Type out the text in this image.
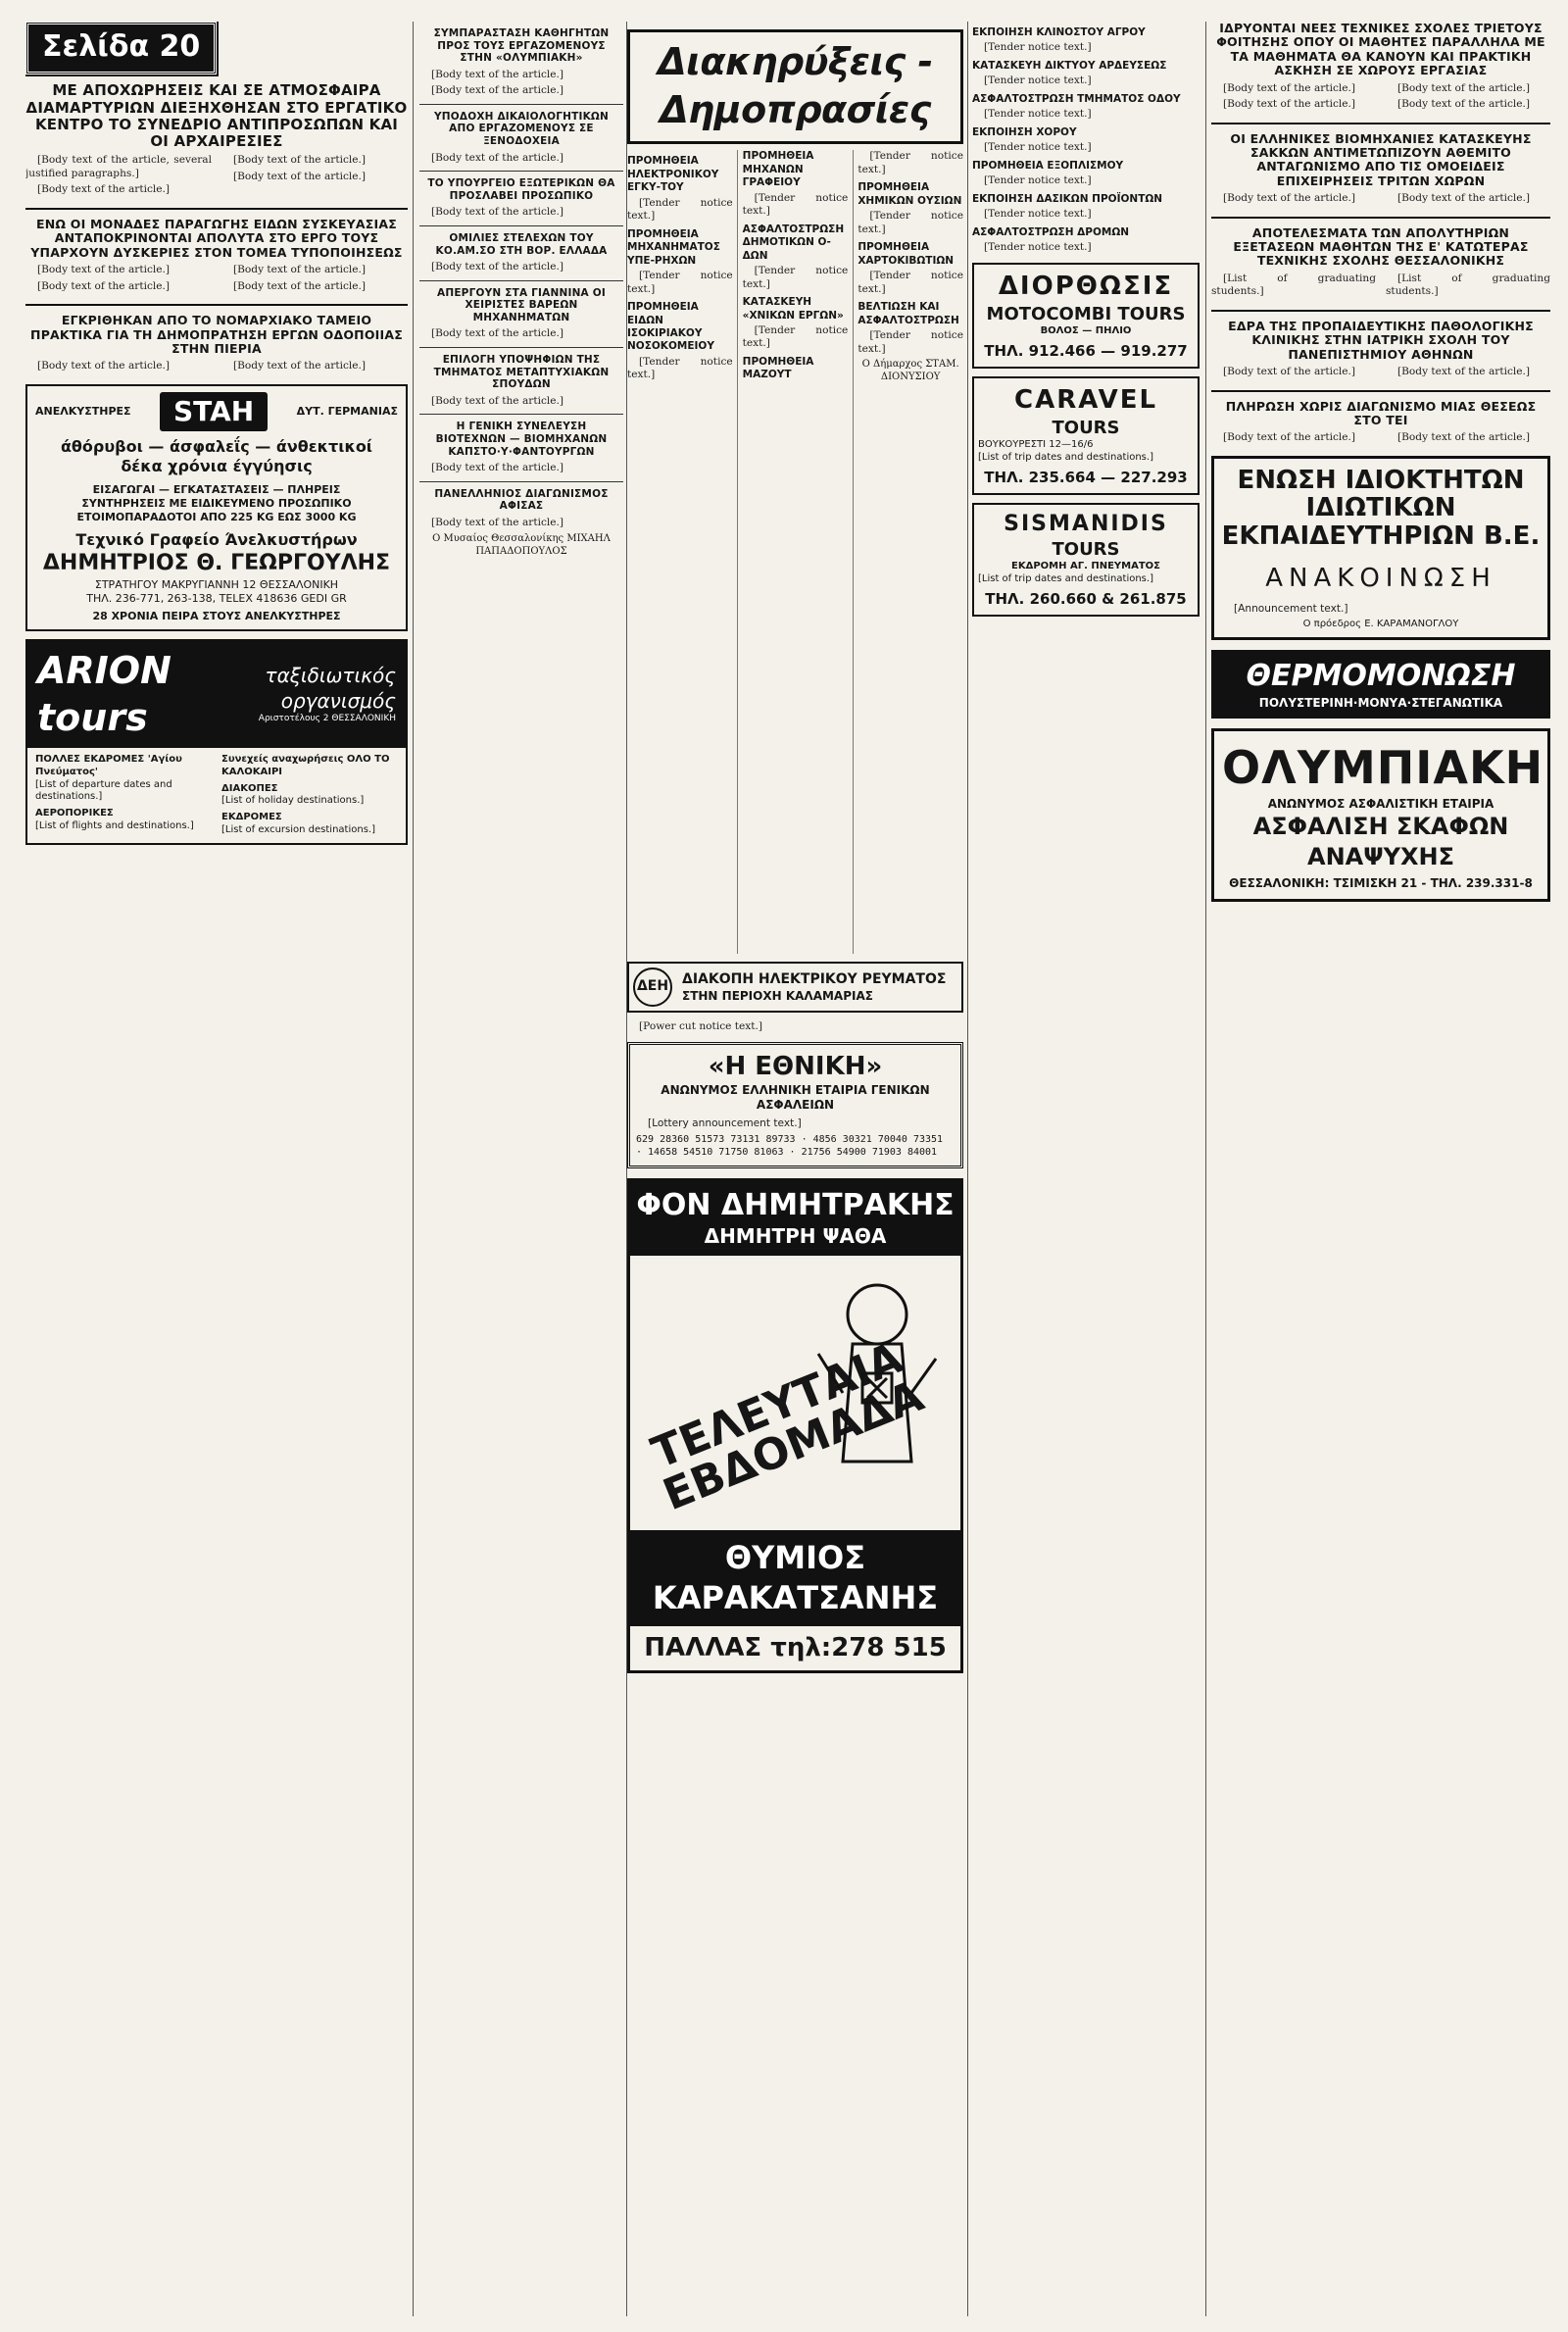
Σελίδα 20
ΜΕ ΑΠΟΧΩΡΗΣΕΙΣ ΚΑΙ ΣΕ ΑΤΜΟΣΦΑΙΡΑ ΔΙΑΜΑΡΤΥΡΙΩΝ ΔΙΕΞΗΧΘΗΣΑΝ ΣΤΟ ΕΡΓΑΤΙΚΟ ΚΕΝΤΡΟ ΤΟ ΣΥΝΕΔΡΙΟ ΑΝΤΙΠΡΟΣΩΠΩΝ ΚΑΙ ΟΙ ΑΡΧΑΙΡΕΣΙΕΣ

[Body text of the article, several justified paragraphs.]

[Body text of the article.]

[Body text of the article.]

[Body text of the article.]

ΕΝΩ ΟΙ ΜΟΝΑΔΕΣ ΠΑΡΑΓΩΓΗΣ ΕΙΔΩΝ ΣΥΣΚΕΥΑΣΙΑΣ ΑΝΤΑΠΟΚΡΙΝΟΝΤΑΙ ΑΠΟΛΥΤΑ ΣΤΟ ΕΡΓΟ ΤΟΥΣ ΥΠΑΡΧΟΥΝ ΔΥΣΚΕΡΙΕΣ ΣΤΟΝ ΤΟΜΕΑ ΤΥΠΟΠΟΙΗΣΕΩΣ

[Body text of the article.]

[Body text of the article.]

[Body text of the article.]

[Body text of the article.]

ΕΓΚΡΙΘΗΚΑΝ ΑΠΟ ΤΟ ΝΟΜΑΡΧΙΑΚΟ ΤΑΜΕΙΟ ΠΡΑΚΤΙΚΑ ΓΙΑ ΤΗ ΔΗΜΟΠΡΑΤΗΣΗ ΕΡΓΩΝ ΟΔΟΠΟΙΙΑΣ ΣΤΗΝ ΠΙΕΡΙΑ

[Body text of the article.]	[Body text of the article.]

ΑΝΕΛΚΥΣΤΗΡΕΣ	STAH	ΔΥΤ. ΓΕΡΜΑΝΙΑΣ
άθόρυβοι — άσφαλεΐς — άνθεκτικοί
δέκα χρόνια έγγύησις
ΕΙΣΑΓΩΓΑΙ — ΕΓΚΑΤΑΣΤΑΣΕΙΣ — ΠΛΗΡΕΙΣ
ΣΥΝΤΗΡΗΣΕΙΣ ΜΕ ΕΙΔΙΚΕΥΜΕΝΟ ΠΡΟΣΩΠΙΚΟ
ΕΤΟΙΜΟΠΑΡΑΔΟΤΟΙ ΑΠΟ 225 KG ΕΩΣ 3000 KG
Τεχνικό Γραφείο Άνελκυστήρων
ΔΗΜΗΤΡΙΟΣ Θ. ΓΕΩΡΓΟΥΛΗΣ
ΣΤΡΑΤΗΓΟΥ ΜΑΚΡΥΓΙΑΝΝΗ 12 ΘΕΣΣΑΛΟΝΙΚΗ
ΤΗΛ. 236-771, 263-138, TELEX 418636 GEDI GR
28 ΧΡΟΝΙΑ ΠΕΙΡΑ ΣΤΟΥΣ ΑΝΕΛΚΥΣΤΗΡΕΣ
ARION tours
ταξιδιωτικός οργανισμός
Αριστοτέλους 2 ΘΕΣΣΑΛΟΝΙΚΗ
ΠΟΛΛΕΣ ΕΚΔΡΟΜΕΣ 'Αγίου Πνεύματος'
[List of departure dates and destinations.]
ΑΕΡΟΠΟΡΙΚΕΣ
[List of flights and destinations.]
Συνεχείς αναχωρήσεις ΟΛΟ ΤΟ ΚΑΛΟΚΑΙΡΙ
ΔΙΑΚΟΠΕΣ
[List of holiday destinations.]
ΕΚΔΡΟΜΕΣ
[List of excursion destinations.]
ΣΥΜΠΑΡΑΣΤΑΣΗ ΚΑΘΗΓΗΤΩΝ ΠΡΟΣ ΤΟΥΣ ΕΡΓΑΖΟΜΕΝΟΥΣ ΣΤΗΝ «ΟΛΥΜΠΙΑΚΗ»

[Body text of the article.]

[Body text of the article.]

ΥΠΟΔΟΧΗ ΔΙΚΑΙΟΛΟΓΗΤΙΚΩΝ ΑΠΟ ΕΡΓΑΖΟΜΕΝΟΥΣ ΣΕ ΞΕΝΟΔΟΧΕΙΑ

[Body text of the article.]

ΤΟ ΥΠΟΥΡΓΕΙΟ ΕΞΩΤΕΡΙΚΩΝ ΘΑ ΠΡΟΣΛΑΒΕΙ ΠΡΟΣΩΠΙΚΟ

[Body text of the article.]

ΟΜΙΛΙΕΣ ΣΤΕΛΕΧΩΝ ΤΟΥ ΚΟ.ΑΜ.ΣΟ ΣΤΗ ΒΟΡ. ΕΛΛΑΔΑ

[Body text of the article.]

ΑΠΕΡΓΟΥΝ ΣΤΑ ΓΙΑΝΝΙΝΑ ΟΙ ΧΕΙΡΙΣΤΕΣ ΒΑΡΕΩΝ ΜΗΧΑΝΗΜΑΤΩΝ

[Body text of the article.]

ΕΠΙΛΟΓΗ ΥΠΟΨΗΦΙΩΝ ΤΗΣ ΤΜΗΜΑΤΟΣ ΜΕΤΑΠΤΥΧΙΑΚΩΝ ΣΠΟΥΔΩΝ

[Body text of the article.]

Η ΓΕΝΙΚΗ ΣΥΝΕΛΕΥΣΗ ΒΙΟΤΕΧΝΩΝ — ΒΙΟΜΗΧΑΝΩΝ ΚΑΠΣΤΟ·Υ·ΦΑΝΤΟΥΡΓΩΝ

[Body text of the article.]

ΠΑΝΕΛΛΗΝΙΟΣ ΔΙΑΓΩΝΙΣΜΟΣ ΑΦΙΣΑΣ

[Body text of the article.]

Ο Μυσαίος Θεσσαλονίκης ΜΙΧΑΗΛ ΠΑΠΑΔΟΠΟΥΛΟΣ
Διακηρύξεις - Δημοπρασίες
ΠΡΟΜΗΘΕΙΑ ΗΛΕΚΤΡΟΝΙΚΟΥ ΕΓΚΥ-ΤΟΥ

[Tender notice text.]

ΠΡΟΜΗΘΕΙΑ ΜΗΧΑΝΗΜΑΤΟΣ ΥΠΕ-ΡΗΧΩΝ

[Tender notice text.]

ΠΡΟΜΗΘΕΙΑ ΕΙΔΩΝ ΙΣΟΚΙΡΙΑΚΟΥ ΝΟΣΟΚΟΜΕΙΟΥ

[Tender notice text.]

ΠΡΟΜΗΘΕΙΑ ΜΗΧΑΝΩΝ ΓΡΑΦΕΙΟΥ

[Tender notice text.]

ΑΣΦΑΛΤΟΣΤΡΩΣΗ ΔΗΜΟΤΙΚΩΝ Ο-ΔΩΝ

[Tender notice text.]

ΚΑΤΑΣΚΕΥΗ «ΧΝΙΚΩΝ ΕΡΓΩΝ»

[Tender notice text.]

ΠΡΟΜΗΘΕΙΑ ΜΑΖΟΥΤ

[Tender notice text.]

ΠΡΟΜΗΘΕΙΑ ΧΗΜΙΚΩΝ ΟΥΣΙΩΝ

[Tender notice text.]

ΠΡΟΜΗΘΕΙΑ ΧΑΡΤΟΚΙΒΩΤΙΩΝ

[Tender notice text.]

ΒΕΛΤΙΩΣΗ ΚΑΙ ΑΣΦΑΛΤΟΣΤΡΩΣΗ

[Tender notice text.]

Ο Δήμαρχος ΣΤΑΜ. ΔΙΟΝΥΣΙΟΥ
ΔΕΗ ΔΙΑΚΟΠΗ ΗΛΕΚΤΡΙΚΟΥ ΡΕΥΜΑΤΟΣ
ΣΤΗΝ ΠΕΡΙΟΧΗ ΚΑΛΑΜΑΡΙΑΣ

[Power cut notice text.]

«Η ΕΘΝΙΚΗ»
ΑΝΩΝΥΜΟΣ ΕΛΛΗΝΙΚΗ ΕΤΑΙΡΙΑ ΓΕΝΙΚΩΝ ΑΣΦΑΛΕΙΩΝ

[Lottery announcement text.]

629 28360 51573 73131 89733 · 4856 30321 70040 73351 · 14658 54510 71750 81063 · 21756 54900 71903 84001
ΦΟΝ ΔΗΜΗΤΡΑΚΗΣ
ΔΗΜΗΤΡΗ ΨΑΘΑ
ΤΕΛΕΥΤΑΙΑ ΕΒΔΟΜΑΔΑ
ΘΥΜΙΟΣ ΚΑΡΑΚΑΤΣΑΝΗΣ
ΠΑΛΛΑΣ τηλ:278 515
ΕΚΠΟΙΗΣΗ ΚΛΙΝΟΣΤΟΥ ΑΓΡΟΥ

[Tender notice text.]

ΚΑΤΑΣΚΕΥΗ ΔΙΚΤΥΟΥ ΑΡΔΕΥΣΕΩΣ

[Tender notice text.]

ΑΣΦΑΛΤΟΣΤΡΩΣΗ ΤΜΗΜΑΤΟΣ ΟΔΟΥ

[Tender notice text.]

ΕΚΠΟΙΗΣΗ ΧΟΡΟΥ

[Tender notice text.]

ΠΡΟΜΗΘΕΙΑ ΕΞΟΠΛΙΣΜΟΥ

[Tender notice text.]

ΕΚΠΟΙΗΣΗ ΔΑΣΙΚΩΝ ΠΡΟΪΟΝΤΩΝ

[Tender notice text.]

ΑΣΦΑΛΤΟΣΤΡΩΣΗ ΔΡΟΜΩΝ

[Tender notice text.]

ΔΙΟΡΘΩΣΙΣ
MOTOCOMBI TOURS
ΒΟΛΟΣ — ΠΗΛΙΟ
ΤΗΛ. 912.466 — 919.277
CARAVEL
TOURS
ΒΟΥΚΟΥΡΕΣΤΙ 12—16/6
[List of trip dates and destinations.]
ΤΗΛ. 235.664 — 227.293
SISMANIDIS
TOURS
ΕΚΔΡΟΜΗ ΑΓ. ΠΝΕΥΜΑΤΟΣ
[List of trip dates and destinations.]
ΤΗΛ. 260.660 & 261.875
ΙΔΡΥΟΝΤΑΙ ΝΕΕΣ ΤΕΧΝΙΚΕΣ ΣΧΟΛΕΣ ΤΡΙΕΤΟΥΣ ΦΟΙΤΗΣΗΣ ΟΠΟΥ ΟΙ ΜΑΘΗΤΕΣ ΠΑΡΑΛΛΗΛΑ ΜΕ ΤΑ ΜΑΘΗΜΑΤΑ ΘΑ ΚΑΝΟΥΝ ΚΑΙ ΠΡΑΚΤΙΚΗ ΑΣΚΗΣΗ ΣΕ ΧΩΡΟΥΣ ΕΡΓΑΣΙΑΣ

[Body text of the article.]

[Body text of the article.]

[Body text of the article.]

[Body text of the article.]

ΟΙ ΕΛΛΗΝΙΚΕΣ ΒΙΟΜΗΧΑΝΙΕΣ ΚΑΤΑΣΚΕΥΗΣ ΣΑΚΚΩΝ ΑΝΤΙΜΕΤΩΠΙΖΟΥΝ ΑΘΕΜΙΤΟ ΑΝΤΑΓΩΝΙΣΜΟ ΑΠΟ ΤΙΣ ΟΜΟΕΙΔΕΙΣ ΕΠΙΧΕΙΡΗΣΕΙΣ ΤΡΙΤΩΝ ΧΩΡΩΝ

[Body text of the article.]	[Body text of the article.]

ΑΠΟΤΕΛΕΣΜΑΤΑ ΤΩΝ ΑΠΟΛΥΤΗΡΙΩΝ ΕΞΕΤΑΣΕΩΝ ΜΑΘΗΤΩΝ ΤΗΣ Ε' ΚΑΤΩΤΕΡΑΣ ΤΕΧΝΙΚΗΣ ΣΧΟΛΗΣ ΘΕΣΣΑΛΟΝΙΚΗΣ

[List of graduating students.]

[List of graduating students.]

ΕΔΡΑ ΤΗΣ ΠΡΟΠΑΙΔΕΥΤΙΚΗΣ ΠΑΘΟΛΟΓΙΚΗΣ ΚΛΙΝΙΚΗΣ ΣΤΗΝ ΙΑΤΡΙΚΗ ΣΧΟΛΗ ΤΟΥ ΠΑΝΕΠΙΣΤΗΜΙΟΥ ΑΘΗΝΩΝ

[Body text of the article.]	[Body text of the article.]

ΠΛΗΡΩΣΗ ΧΩΡΙΣ ΔΙΑΓΩΝΙΣΜΟ ΜΙΑΣ ΘΕΣΕΩΣ ΣΤΟ ΤΕΙ

[Body text of the article.]	[Body text of the article.]

ΕΝΩΣΗ ΙΔΙΟΚΤΗΤΩΝ ΙΔΙΩΤΙΚΩΝ ΕΚΠΑΙΔΕΥΤΗΡΙΩΝ Β.Ε.
ΑΝΑΚΟΙΝΩΣΗ

[Announcement text.]

Ο πρόεδρος Ε. ΚΑΡΑΜΑΝΟΓΛΟΥ
ΘΕΡΜΟΜΟΝΩΣΗ
ΠΟΛΥΣΤΕΡΙΝΗ·ΜΟΝΥΑ·ΣΤΕΓΑΝΩΤΙΚΑ
ΟΛΥΜΠΙΑΚΗ
ΑΝΩΝΥΜΟΣ ΑΣΦΑΛΙΣΤΙΚΗ ΕΤΑΙΡΙΑ
ΑΣΦΑΛΙΣΗ ΣΚΑΦΩΝ ΑΝΑΨΥΧΗΣ
ΘΕΣΣΑΛΟΝΙΚΗ: ΤΣΙΜΙΣΚΗ 21 - ΤΗΛ. 239.331-8
